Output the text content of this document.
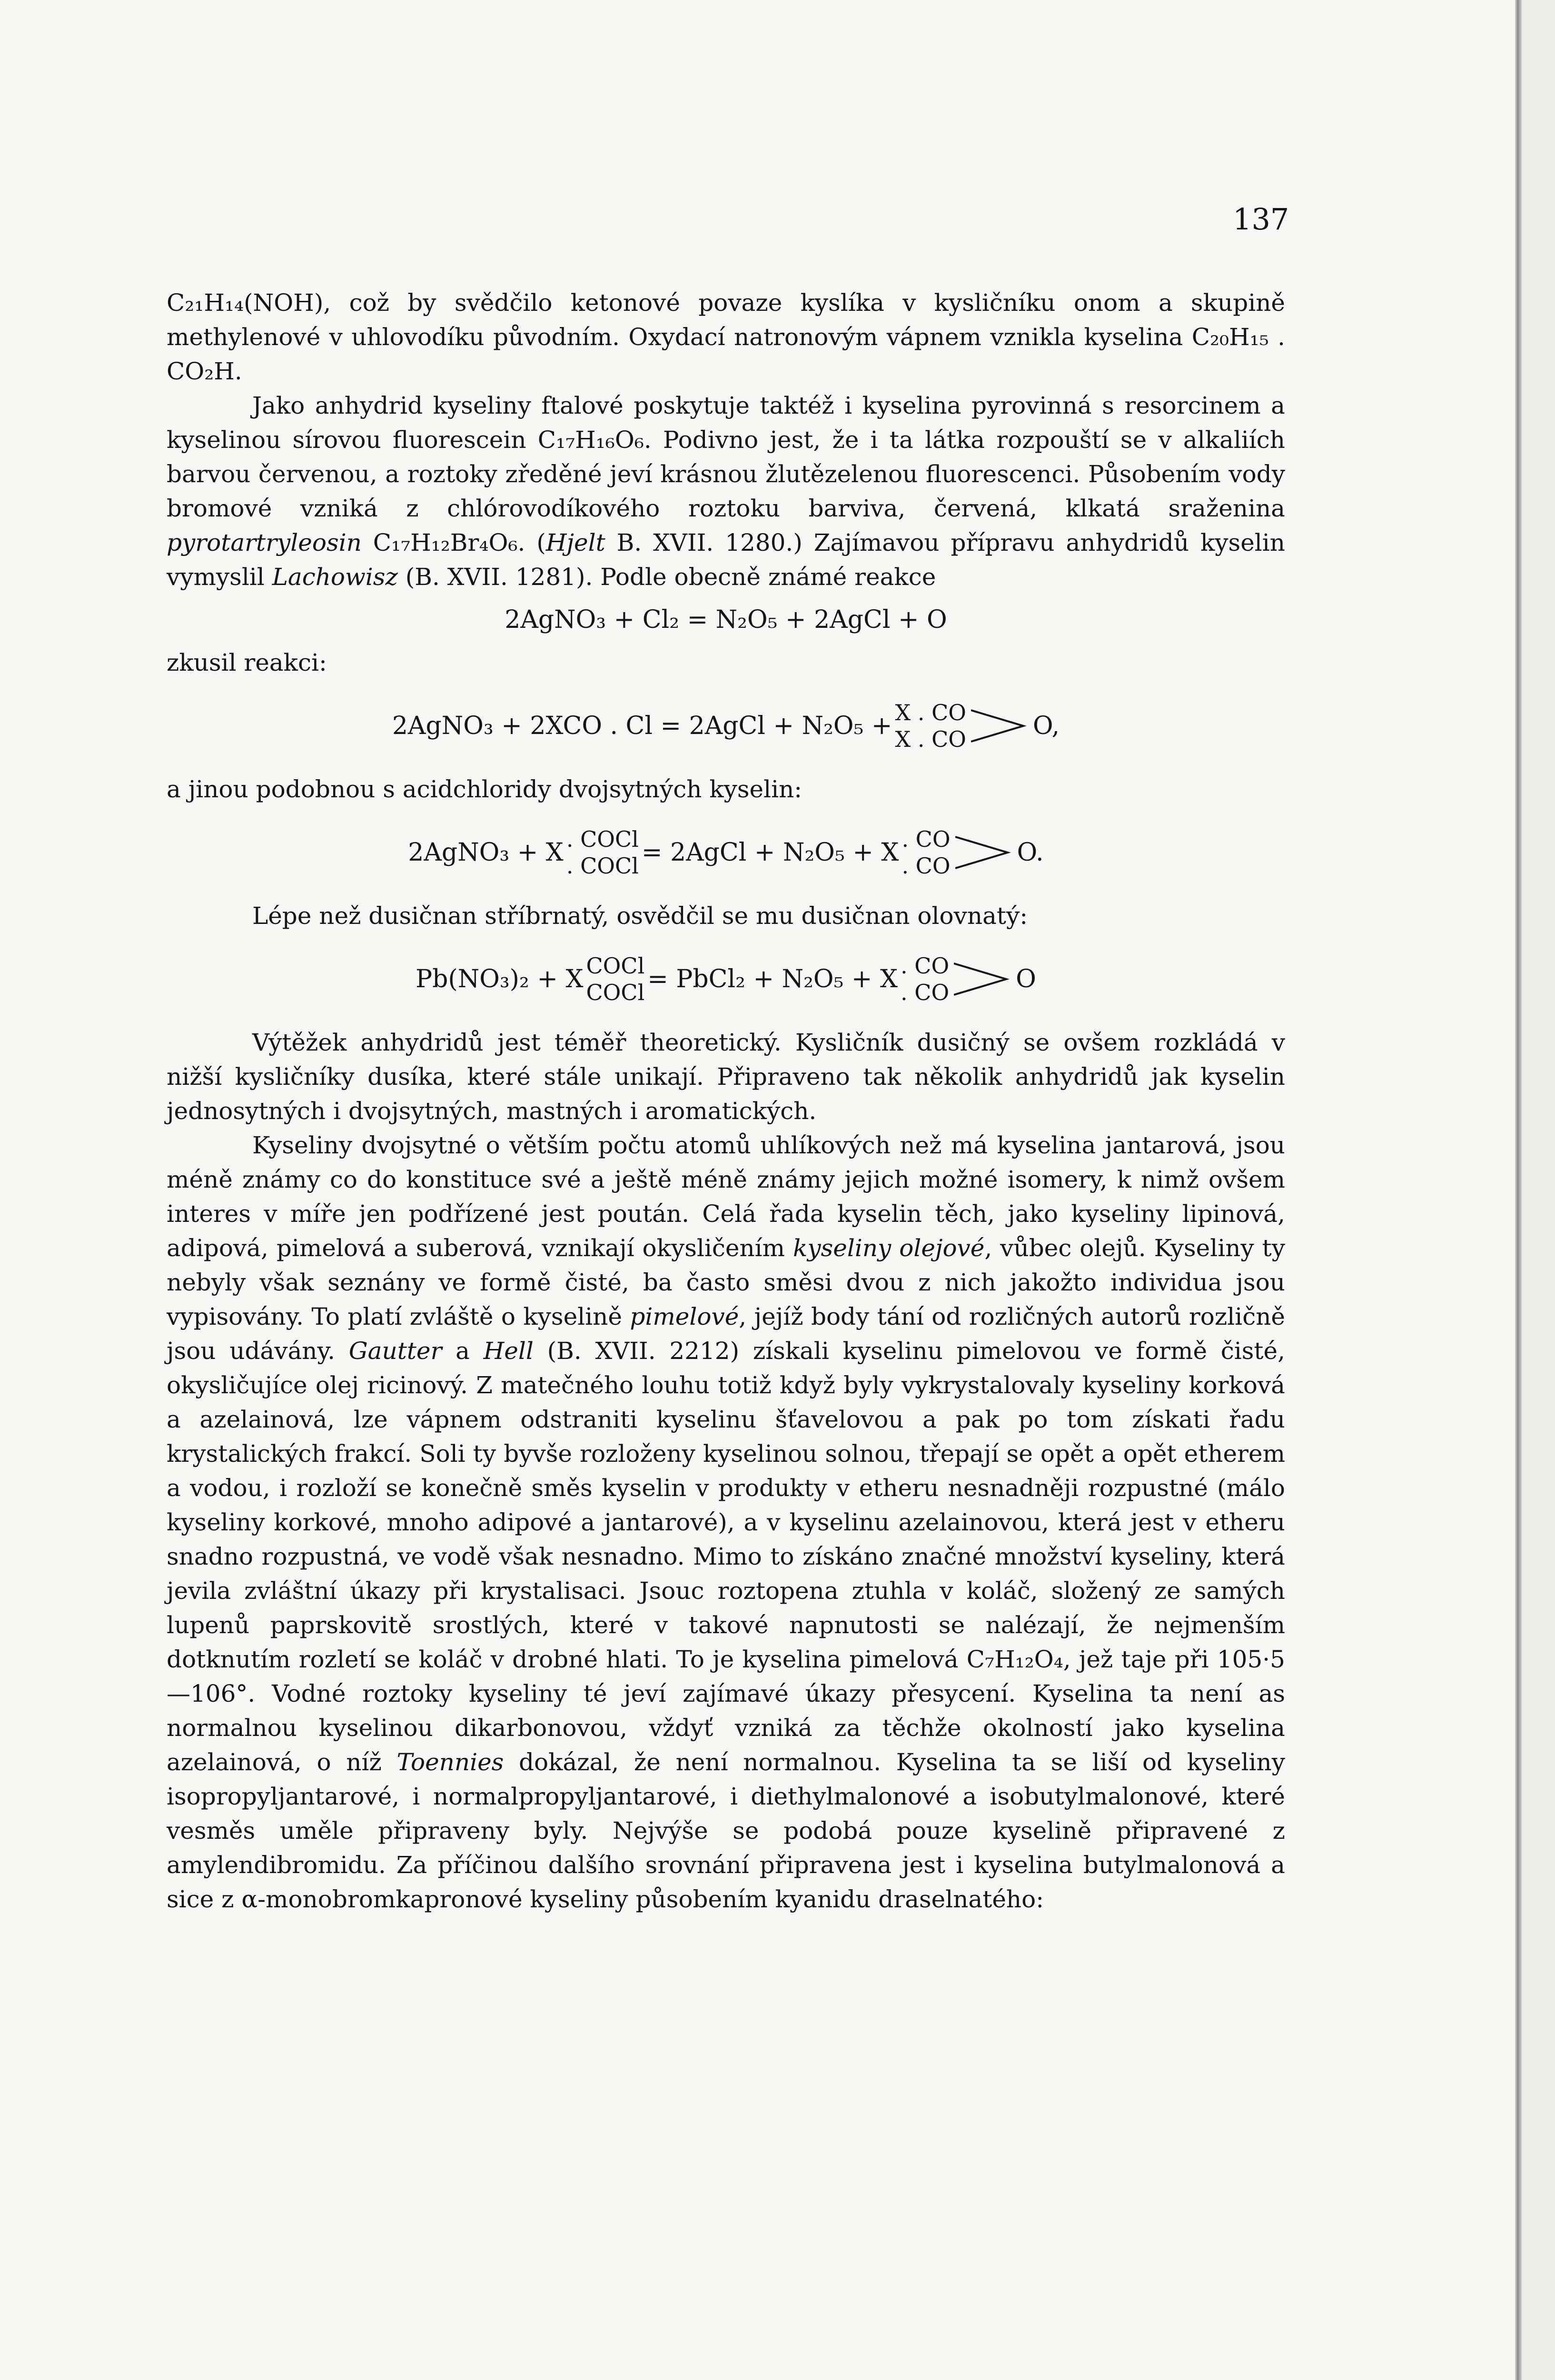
137

C₂₁H₁₄(NOH), což by svědčilo ketonové povaze kyslíka v kysličníku onom a skupině methylenové v uhlovodíku původním. Oxydací natronovým vápnem vznikla kyselina C₂₀H₁₅ . CO₂H.

Jako anhydrid kyseliny ftalové poskytuje taktéž i kyselina pyrovinná s resorcinem a kyselinou sírovou fluorescein C₁₇H₁₆O₆. Podivno jest, že i ta látka rozpouští se v alkaliích barvou červenou, a roztoky zředěné jeví krásnou žlutězelenou fluorescenci. Působením vody bromové vzniká z chlórovodíkového roztoku barviva, červená, klkatá sraženina pyrotartryleosin C₁₇H₁₂Br₄O₆. (Hjelt B. XVII. 1280.) Zajímavou přípravu anhydridů kyselin vymyslil Lachowisz (B. XVII. 1281). Podle obecně známé reakce

2AgNO₃ + Cl₂ = N₂O₅ + 2AgCl + O

zkusil reakci:

2AgNO₃ + 2XCO . Cl = 2AgCl + N₂O₅ + X . CO
X . CO	O,

a jinou podobnou s acidchloridy dvojsytných kyselin:

2AgNO₃ + X . COCl
. COCl = 2AgCl + N₂O₅ + X . CO
. CO	O.

Lépe než dusičnan stříbrnatý, osvědčil se mu dusičnan olovnatý:

Pb(NO₃)₂ + X COCl
COCl = PbCl₂ + N₂O₅ + X . CO
. CO	O

Výtěžek anhydridů jest téměř theoretický. Kysličník dusičný se ovšem rozkládá v nižší kysličníky dusíka, které stále unikají. Připraveno tak několik anhydridů jak kyselin jednosytných i dvojsytných, mastných i aromatických.

Kyseliny dvojsytné o větším počtu atomů uhlíkových než má kyselina jantarová, jsou méně známy co do konstituce své a ještě méně známy jejich možné isomery, k nimž ovšem interes v míře jen podřízené jest poután. Celá řada kyselin těch, jako kyseliny lipinová, adipová, pimelová a suberová, vznikají okysličením kyseliny olejové, vůbec olejů. Kyseliny ty nebyly však seznány ve formě čisté, ba často směsi dvou z nich jakožto individua jsou vypisovány. To platí zvláště o kyselině pimelové, jejíž body tání od rozličných autorů rozličně jsou udávány. Gautter a Hell (B. XVII. 2212) získali kyselinu pimelovou ve formě čisté, okysličujíce olej ricinový. Z matečného louhu totiž když byly vykrystalovaly kyseliny korková a azelainová, lze vápnem odstraniti kyselinu šťavelovou a pak po tom získati řadu krystalických frakcí. Soli ty byvše rozloženy kyselinou solnou, třepají se opět a opět etherem a vodou, i rozloží se konečně směs kyselin v produkty v etheru nesnadněji rozpustné (málo kyseliny korkové, mnoho adipové a jantarové), a v kyselinu azelainovou, která jest v etheru snadno rozpustná, ve vodě však nesnadno. Mimo to získáno značné množství kyseliny, která jevila zvláštní úkazy při krystalisaci. Jsouc roztopena ztuhla v koláč, složený ze samých lupenů paprskovitě srostlých, které v takové napnutosti se nalézají, že nejmenším dotknutím rozletí se koláč v drobné hlati. To je kyselina pimelová C₇H₁₂O₄, jež taje při 105·5—106°. Vodné roztoky kyseliny té jeví zajímavé úkazy přesycení. Kyselina ta není as normalnou kyselinou dikarbonovou, vždyť vzniká za těchže okolností jako kyselina azelainová, o níž Toennies dokázal, že není normalnou. Kyselina ta se liší od kyseliny isopropyljantarové, i normalpropyljantarové, i diethylmalonové a isobutylmalonové, které vesměs uměle připraveny byly. Nejvýše se podobá pouze kyselině připravené z amylendibromidu. Za příčinou dalšího srovnání připravena jest i kyselina butylmalonová a sice z α-monobromkapronové kyseliny působením kyanidu draselnatého:
